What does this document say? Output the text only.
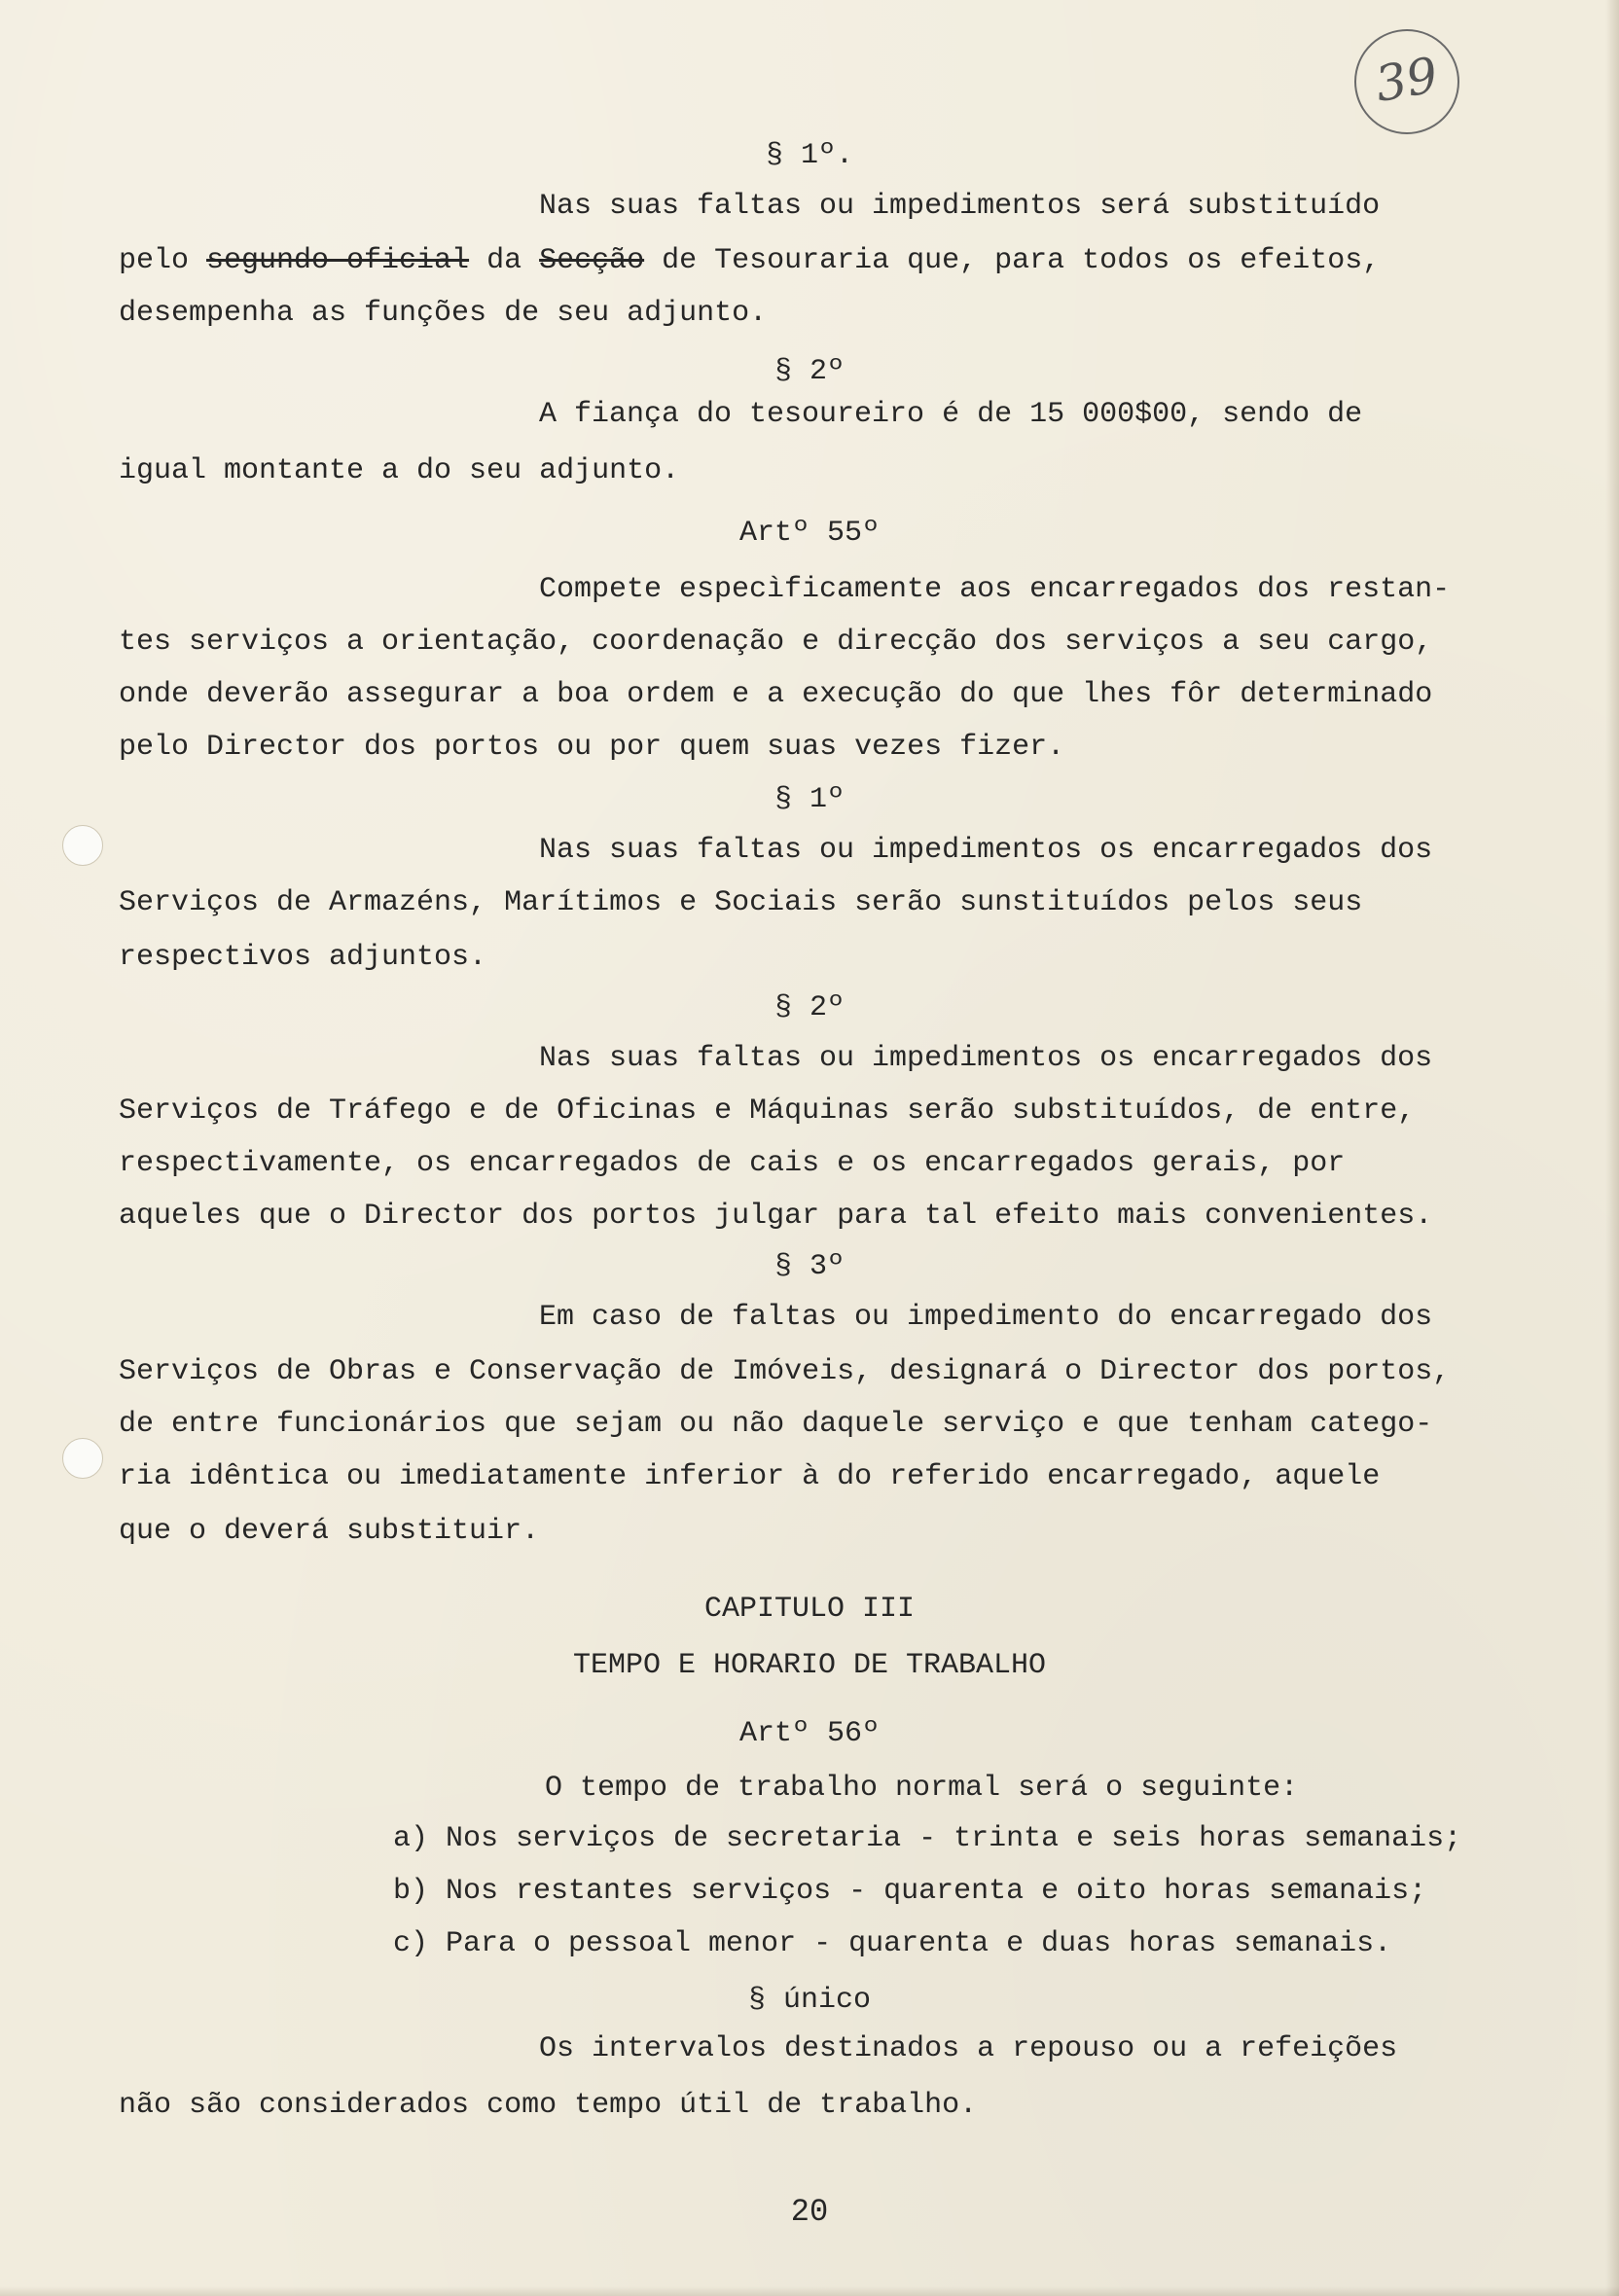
39
§ 1º.
Nas suas faltas ou impedimentos será substituído
pelo segundo-oficial da Secção de Tesouraria que, para todos os efeitos,
desempenha as funções de seu adjunto.
§ 2º
A fiança do tesoureiro é de 15 000$00, sendo de
igual montante a do seu adjunto.
Artº 55º
Compete especìficamente aos encarregados dos restan-
tes serviços a orientação, coordenação e direcção dos serviços a seu cargo,
onde deverão assegurar a boa ordem e a execução do que lhes fôr determinado
pelo Director dos portos ou por quem suas vezes fizer.
§ 1º
Nas suas faltas ou impedimentos os encarregados dos
Serviços de Armazéns, Marítimos e Sociais serão sunstituídos pelos seus
respectivos adjuntos.
§ 2º
Nas suas faltas ou impedimentos os encarregados dos
Serviços de Tráfego e de Oficinas e Máquinas serão substituídos, de entre,
respectivamente, os encarregados de cais e os encarregados gerais, por
aqueles que o Director dos portos julgar para tal efeito mais convenientes.
§ 3º
Em caso de faltas ou impedimento do encarregado dos
Serviços de Obras e Conservação de Imóveis, designará o Director dos portos,
de entre funcionários que sejam ou não daquele serviço e que tenham catego-
ria idêntica ou imediatamente inferior à do referido encarregado, aquele
que o deverá substituir.
CAPITULO III
TEMPO E HORARIO DE TRABALHO
Artº 56º
O tempo de trabalho normal será o seguinte:
a) Nos serviços de secretaria - trinta e seis horas semanais;
b) Nos restantes serviços - quarenta e oito horas semanais;
c) Para o pessoal menor - quarenta e duas horas semanais.
§ único
Os intervalos destinados a repouso ou a refeições
não são considerados como tempo útil de trabalho.
20
